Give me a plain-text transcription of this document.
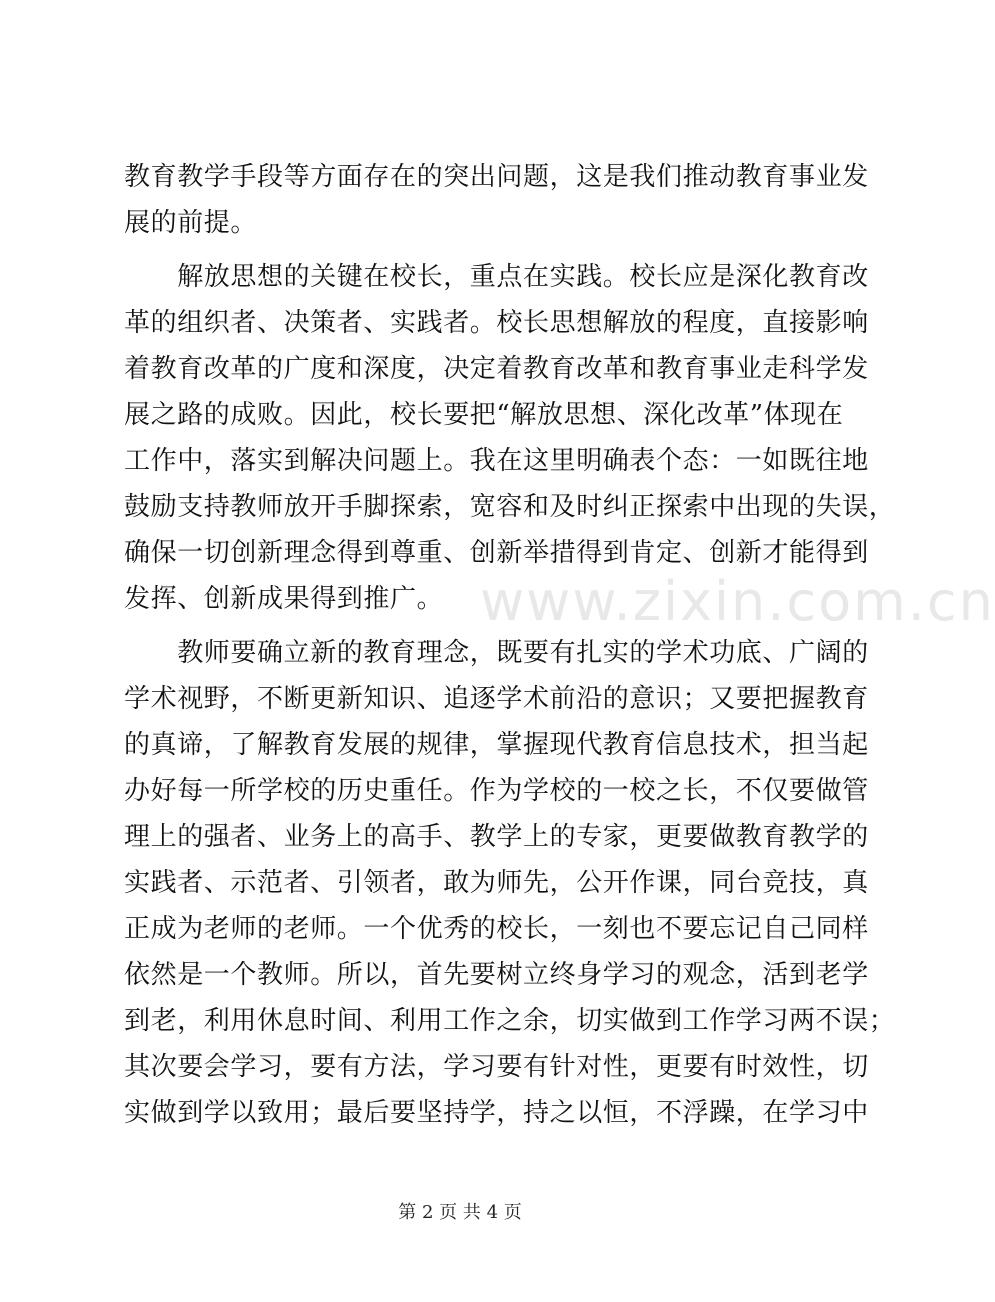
www.zixin.com.cn
教育教学手段等方面存在的突出问题，这是我们推动教育事业发
展的前提。
　　解放思想的关键在校长，重点在实践。校长应是深化教育改
革的组织者、决策者、实践者。校长思想解放的程度，直接影响
着教育改革的广度和深度，决定着教育改革和教育事业走科学发
展之路的成败。因此，校长要把“解放思想、深化改革”体现在
工作中，落实到解决问题上。我在这里明确表个态：一如既往地
鼓励支持教师放开手脚探索，宽容和及时纠正探索中出现的失误，
确保一切创新理念得到尊重、创新举措得到肯定、创新才能得到
发挥、创新成果得到推广。
　　教师要确立新的教育理念，既要有扎实的学术功底、广阔的
学术视野，不断更新知识、追逐学术前沿的意识；又要把握教育
的真谛，了解教育发展的规律，掌握现代教育信息技术，担当起
办好每一所学校的历史重任。作为学校的一校之长，不仅要做管
理上的强者、业务上的高手、教学上的专家，更要做教育教学的
实践者、示范者、引领者，敢为师先，公开作课，同台竞技，真
正成为老师的老师。一个优秀的校长，一刻也不要忘记自己同样
依然是一个教师。所以，首先要树立终身学习的观念，活到老学
到老，利用休息时间、利用工作之余，切实做到工作学习两不误；
其次要会学习，要有方法，学习要有针对性，更要有时效性，切
实做到学以致用；最后要坚持学，持之以恒，不浮躁，在学习中
第 2 页 共 4 页
